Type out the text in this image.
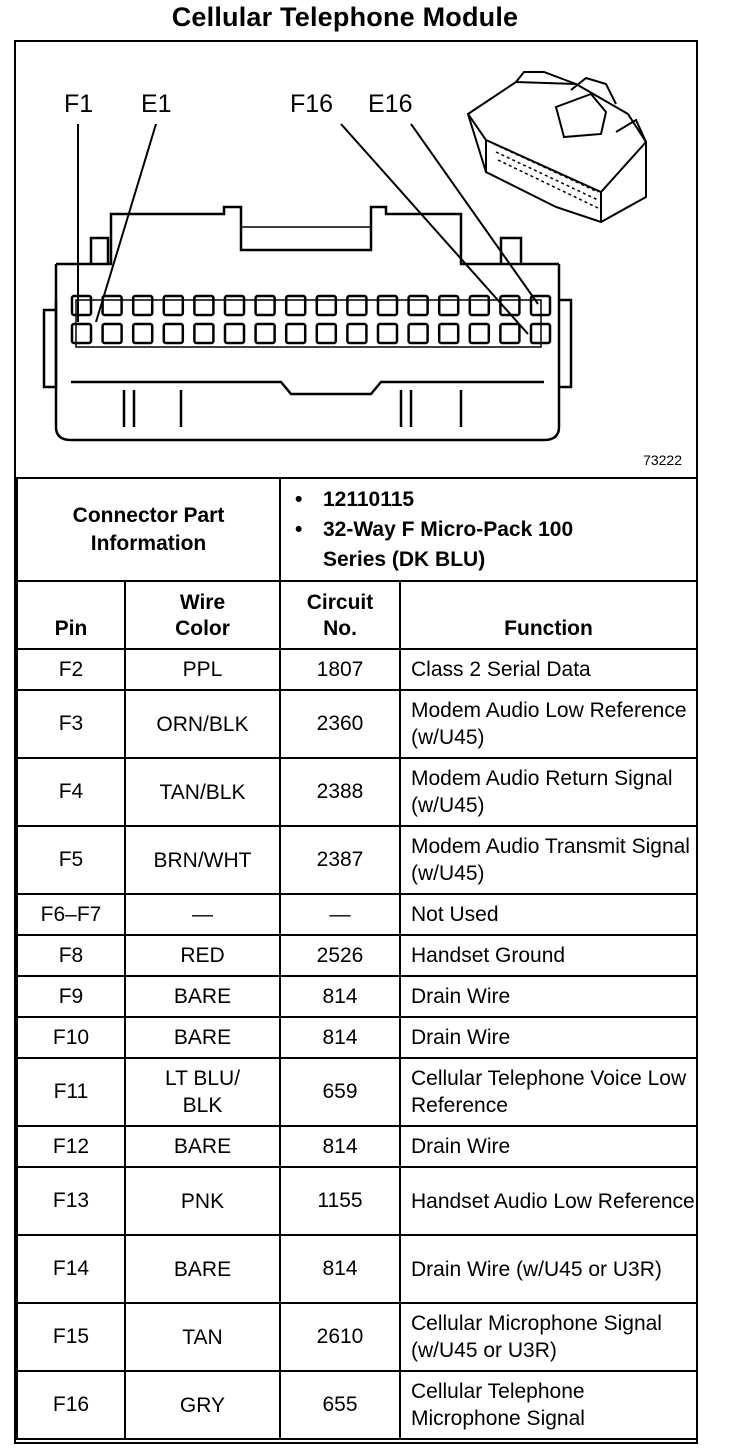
Cellular Telephone Module
F1 E1	F16 E16
73222
Connector Part Information		• 12110115
• 32-Way F Micro-Pack 100 Series (DK BLU)	

Pin	Wire Color	Circuit No.	Function
F2	PPL	1807	Class 2 Serial Data
F3	ORN/BLK	2360	Modem Audio Low Reference (w/U45)
F4	TAN/BLK	2388	Modem Audio Return Signal (w/U45)
F5	BRN/WHT	2387	Modem Audio Transmit Signal (w/U45)
F6–F7	—	—	Not Used
F8	RED	2526	Handset Ground
F9	BARE	814	Drain Wire
F10	BARE	814	Drain Wire
F11	LT BLU/ BLK	659	Cellular Telephone Voice Low Reference
F12	BARE	814	Drain Wire
F13	PNK	1155	Handset Audio Low Reference
F14	BARE	814	Drain Wire (w/U45 or U3R)
F15	TAN	2610	Cellular Microphone Signal (w/U45 or U3R)
F16	GRY	655	Cellular Telephone Microphone Signal
